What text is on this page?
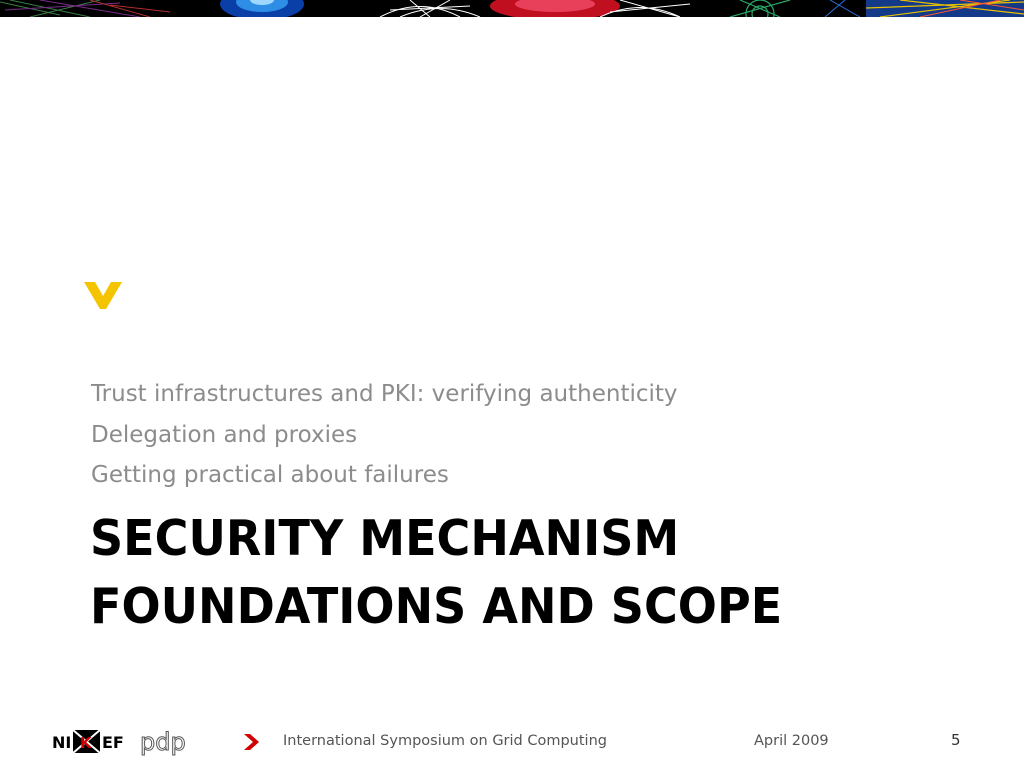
Trust infrastructures and PKI: verifying authenticity
Delegation and proxies
Getting practical about failures
SECURITY MECHANISM
FOUNDATIONS AND SCOPE
NI K EF pdp	International Symposium on Grid Computing	April 2009	5
